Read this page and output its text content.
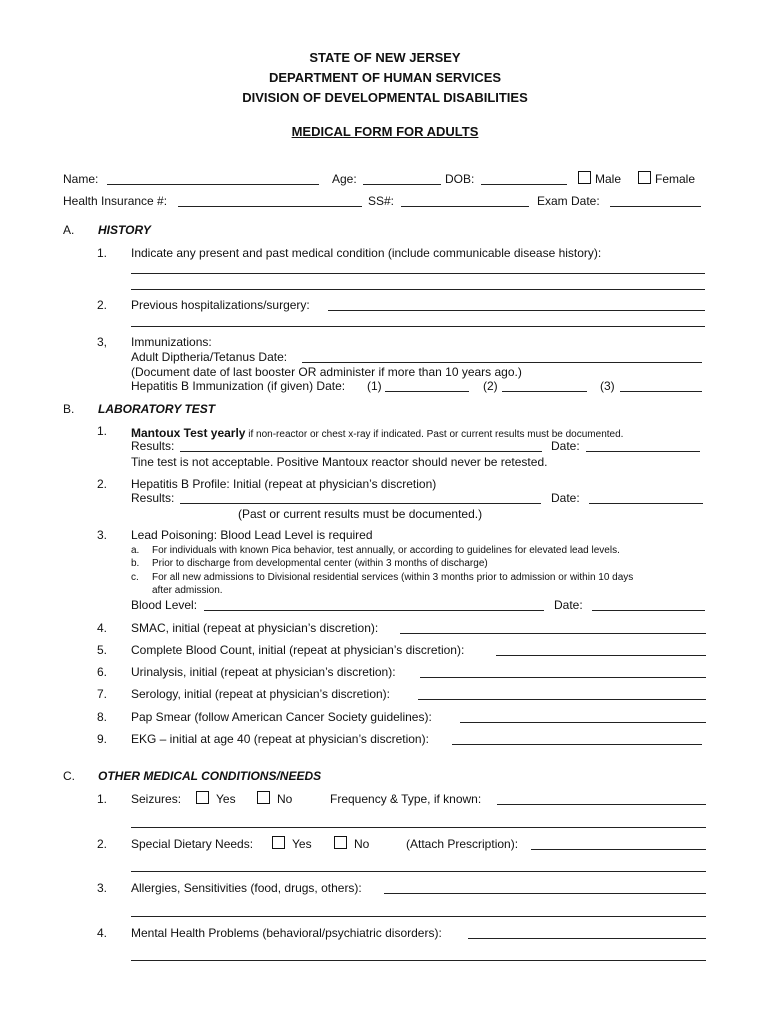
STATE OF NEW JERSEY
DEPARTMENT OF HUMAN SERVICES
DIVISION OF DEVELOPMENTAL DISABILITIES
MEDICAL FORM FOR ADULTS
Name:	Age:	DOB:	Male	Female
Health Insurance #:	SS#:	Exam Date:
A. HISTORY
1. Indicate any present and past medical condition (include communicable disease history):
2. Previous hospitalizations/surgery:
3, Immunizations:
Adult Diptheria/Tetanus Date:
(Document date of last booster OR administer if more than 10 years ago.)
Hepatitis B Immunization (if given) Date: (1)	(2)	(3)
B. LABORATORY TEST
1. Mantoux Test yearly if non-reactor or chest x-ray if indicated. Past or current results must be documented.
Results:	Date:
Tine test is not acceptable. Positive Mantoux reactor should never be retested.
2. Hepatitis B Profile: Initial (repeat at physician’s discretion)
Results:	Date:
(Past or current results must be documented.)
3. Lead Poisoning: Blood Lead Level is required
a. For individuals with known Pica behavior, test annually, or according to guidelines for elevated lead levels.
b. Prior to discharge from developmental center (within 3 months of discharge)
c. For all new admissions to Divisional residential services (within 3 months prior to admission or within 10 days
after admission.
Blood Level:	Date:
4. SMAC, initial (repeat at physician’s discretion):
5. Complete Blood Count, initial (repeat at physician’s discretion):
6. Urinalysis, initial (repeat at physician’s discretion):
7. Serology, initial (repeat at physician’s discretion):
8. Pap Smear (follow American Cancer Society guidelines):
9. EKG – initial at age 40 (repeat at physician’s discretion):
C. OTHER MEDICAL CONDITIONS/NEEDS
1. Seizures:	Yes	No	Frequency & Type, if known:
2. Special Dietary Needs:	Yes	No	(Attach Prescription):
3. Allergies, Sensitivities (food, drugs, others):
4. Mental Health Problems (behavioral/psychiatric disorders):
